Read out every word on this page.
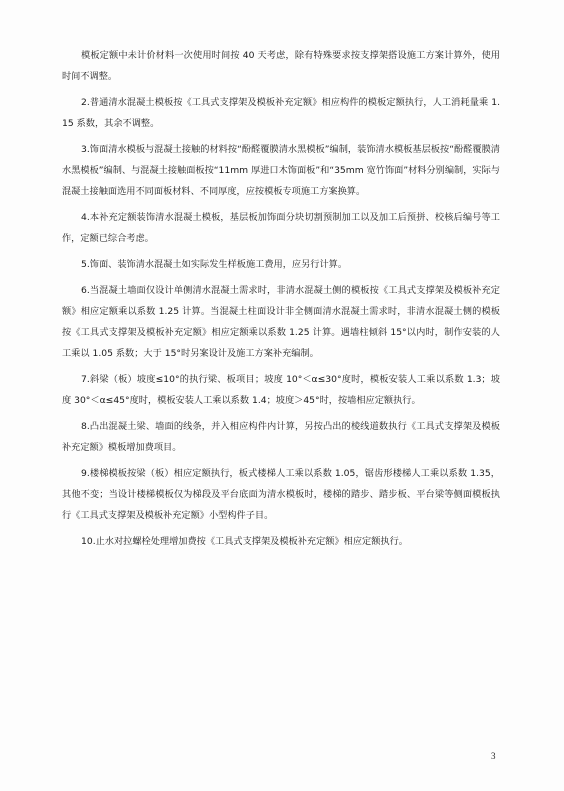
模板定额中未计价材料一次使用时间按 40 天考虑，除有特殊要求按支撑架搭设施工方案计算外，使用时间不调整。

2.普通清水混凝土模板按《工具式支撑架及模板补充定额》相应构件的模板定额执行，人工消耗量乘 1.15 系数，其余不调整。

3.饰面清水模板与混凝土接触的材料按“酚醛覆膜清水黑模板”编制，装饰清水模板基层板按“酚醛覆膜清水黑模板”编制、与混凝土接触面板按“11mm 厚进口木饰面板”和“35mm 宽竹饰面”材料分别编制，实际与混凝土接触面选用不同面板材料、不同厚度，应按模板专项施工方案换算。

4.本补充定额装饰清水混凝土模板，基层板加饰面分块切割预制加工以及加工后预拼、校核后编号等工作，定额已综合考虑。

5.饰面、装饰清水混凝土如实际发生样板施工费用，应另行计算。

6.当混凝土墙面仅设计单侧清水混凝土需求时，非清水混凝土侧的模板按《工具式支撑架及模板补充定额》相应定额乘以系数 1.25 计算。当混凝土柱面设计非全侧面清水混凝土需求时，非清水混凝土侧的模板按《工具式支撑架及模板补充定额》相应定额乘以系数 1.25 计算。遇墙柱倾斜 15°以内时，制作安装的人工乘以 1.05 系数；大于 15°时另案设计及施工方案补充编制。

7.斜梁（板）坡度≤10°的执行梁、板项目；坡度 10°＜α≤30°度时，模板安装人工乘以系数 1.3；坡度 30°＜α≤45°度时，模板安装人工乘以系数 1.4；坡度＞45°时，按墙相应定额执行。

8.凸出混凝土梁、墙面的线条，并入相应构件内计算，另按凸出的棱线道数执行《工具式支撑架及模板补充定额》模板增加费项目。

9.楼梯模板按梁（板）相应定额执行，板式楼梯人工乘以系数 1.05，锯齿形楼梯人工乘以系数 1.35，其他不变；当设计楼梯模板仅为梯段及平台底面为清水模板时，楼梯的踏步、踏步板、平台梁等侧面模板执行《工具式支撑架及模板补充定额》小型构件子目。

10.止水对拉螺栓处理增加费按《工具式支撑架及模板补充定额》相应定额执行。

3
